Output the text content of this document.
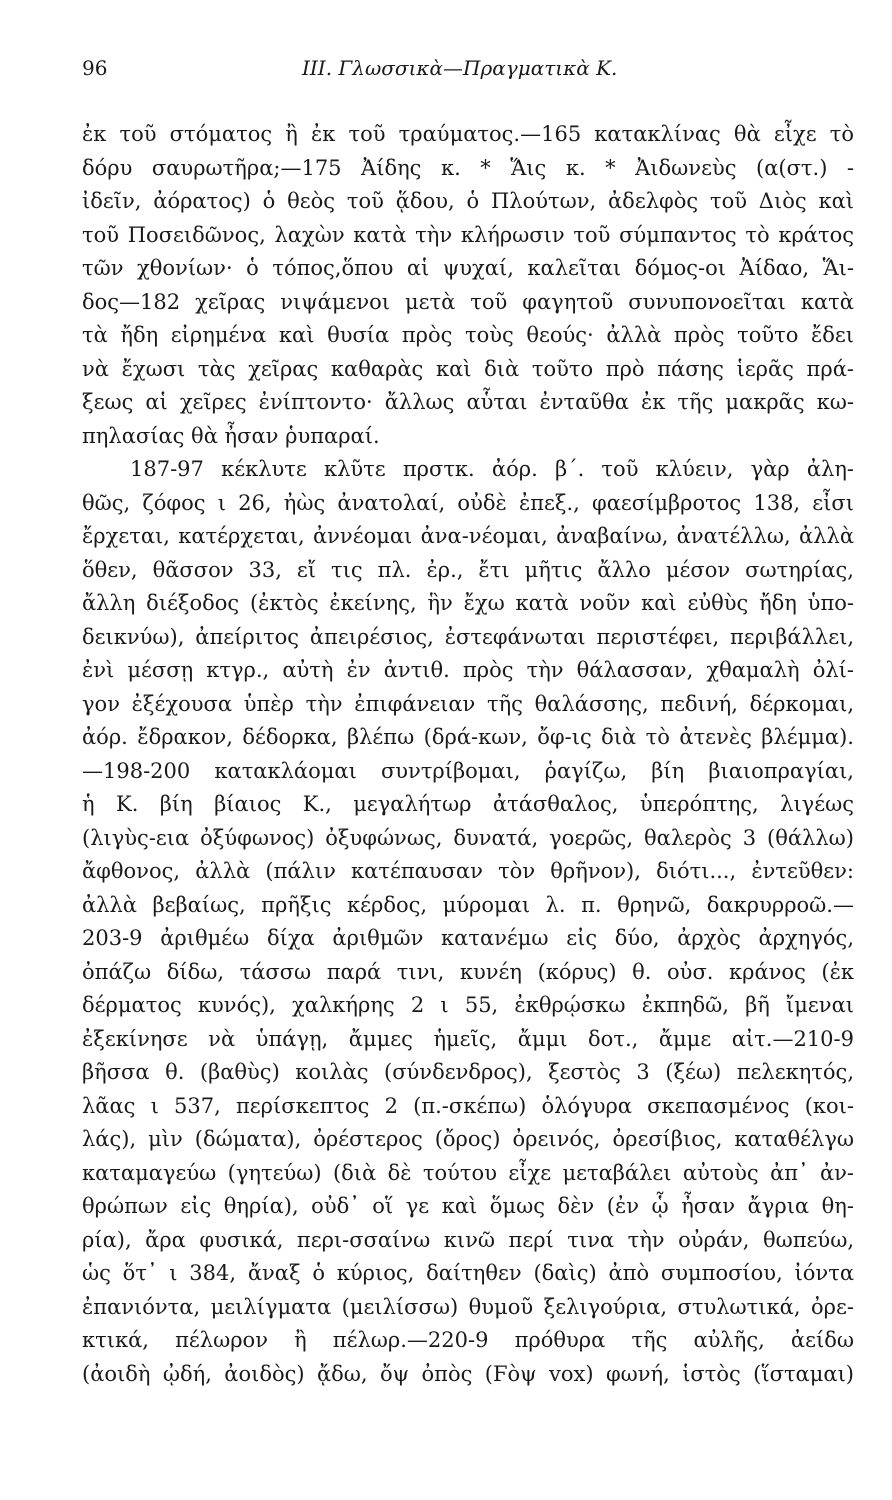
96	III. Γλωσσικὰ—Πραγματικὰ Κ.
ἐκ τοῦ στόματος ἢ ἐκ τοῦ τραύματος.—165 κατακλίνας θὰ εἶχε τὸ
δόρυ σαυρωτῆρα;—175 Ἀίδης κ. * Ἅις κ. * Ἀιδωνεὺς (α(στ.) -
ἰδεῖν, ἀόρατος) ὁ θεὸς τοῦ ᾅδου, ὁ Πλούτων, ἀδελφὸς τοῦ Διὸς καὶ
τοῦ Ποσειδῶνος, λαχὼν κατὰ τὴν κλήρωσιν τοῦ σύμπαντος τὸ κράτος
τῶν χθονίων· ὁ τόπος,ὅπου αἱ ψυχαί, καλεῖται δόμος-οι Ἀίδαο, Ἅι-
δος—182 χεῖρας νιψάμενοι μετὰ τοῦ φαγητοῦ συνυπονοεῖται κατὰ
τὰ ἤδη εἰρημένα καὶ θυσία πρὸς τοὺς θεούς· ἀλλὰ πρὸς τοῦτο ἔδει
νὰ ἔχωσι τὰς χεῖρας καθαρὰς καὶ διὰ τοῦτο πρὸ πάσης ἱερᾶς πρά-
ξεως αἱ χεῖρες ἐνίπτοντο· ἄλλως αὗται ἐνταῦθα ἐκ τῆς μακρᾶς κω-
πηλασίας θὰ ἦσαν ῥυπαραί.
187-97 κέκλυτε κλῦτε πρστκ. ἀόρ. β΄. τοῦ κλύειν, γὰρ ἀλη-
θῶς, ζόφος ι 26, ἠὼς ἀνατολαί, οὐδὲ ἐπεξ., φαεσίμβροτος 138, εἶσι
ἔρχεται, κατέρχεται, ἀννέομαι ἀνα-νέομαι, ἀναβαίνω, ἀνατέλλω, ἀλλὰ
ὅθεν, θᾶσσον 33, εἴ τις πλ. ἐρ., ἔτι μῆτις ἄλλο μέσον σωτηρίας,
ἄλλη διέξοδος (ἐκτὸς ἐκείνης, ἣν ἔχω κατὰ νοῦν καὶ εὐθὺς ἤδη ὑπο-
δεικνύω), ἀπείριτος ἀπειρέσιος, ἐστεφάνωται περιστέφει, περιβάλλει,
ἐνὶ μέσσῃ κτγρ., αὐτὴ ἐν ἀντιθ. πρὸς τὴν θάλασσαν, χθαμαλὴ ὀλί-
γον ἐξέχουσα ὑπὲρ τὴν ἐπιφάνειαν τῆς θαλάσσης, πεδινή, δέρκομαι,
ἀόρ. ἔδρακον, δέδορκα, βλέπω (δρά-κων, ὄφ-ις διὰ τὸ ἀτενὲς βλέμμα).
—198-200 κατακλάομαι συντρίβομαι, ῥαγίζω, βίη βιαιοπραγίαι,
ἡ Κ. βίη βίαιος Κ., μεγαλήτωρ ἀτάσθαλος, ὑπερόπτης, λιγέως
(λιγὺς-εια ὀξύφωνος) ὀξυφώνως, δυνατά, γοερῶς, θαλερὸς 3 (θάλλω)
ἄφθονος, ἀλλὰ (πάλιν κατέπαυσαν τὸν θρῆνον), διότι..., ἐντεῦθεν:
ἀλλὰ βεβαίως, πρῆξις κέρδος, μύρομαι λ. π. θρηνῶ, δακρυρροῶ.—
203-9 ἀριθμέω δίχα ἀριθμῶν κατανέμω εἰς δύο, ἀρχὸς ἀρχηγός,
ὀπάζω δίδω, τάσσω παρά τινι, κυνέη (κόρυς) θ. οὐσ. κράνος (ἐκ
δέρματος κυνός), χαλκήρης 2 ι 55, ἐκθρῴσκω ἐκπηδῶ, βῆ ἴμεναι
ἐξεκίνησε νὰ ὑπάγῃ, ἄμμες ἡμεῖς, ἄμμι δοτ., ἄμμε αἰτ.—210-9
βῆσσα θ. (βαθὺς) κοιλὰς (σύνδενδρος), ξεστὸς 3 (ξέω) πελεκητός,
λᾶας ι 537, περίσκεπτος 2 (π.-σκέπω) ὁλόγυρα σκεπασμένος (κοι-
λάς), μὶν (δώματα), ὀρέστερος (ὄρος) ὀρεινός, ὀρεσίβιος, καταθέλγω
καταμαγεύω (γητεύω) (διὰ δὲ τούτου εἶχε μεταβάλει αὐτοὺς ἀπ᾽ ἀν-
θρώπων εἰς θηρία), οὐδ᾽ οἵ γε καὶ ὅμως δὲν (ἐν ᾧ ἦσαν ἄγρια θη-
ρία), ἄρα φυσικά, περι-σσαίνω κινῶ περί τινα τὴν οὐράν, θωπεύω,
ὡς ὅτ᾽ ι 384, ἄναξ ὁ κύριος, δαίτηθεν (δαὶς) ἀπὸ συμποσίου, ἰόντα
ἐπανιόντα, μειλίγματα (μειλίσσω) θυμοῦ ξελιγούρια, στυλωτικά, ὀρε-
κτικά, πέλωρον ἢ πέλωρ.—220-9 πρόθυρα τῆς αὐλῆς, ἀείδω
(ἀοιδὴ ᾠδή, ἀοιδὸς) ᾄδω, ὄψ ὀπὸς (Ϝὸψ vox) φωνή, ἱστὸς (ἵσταμαι)
